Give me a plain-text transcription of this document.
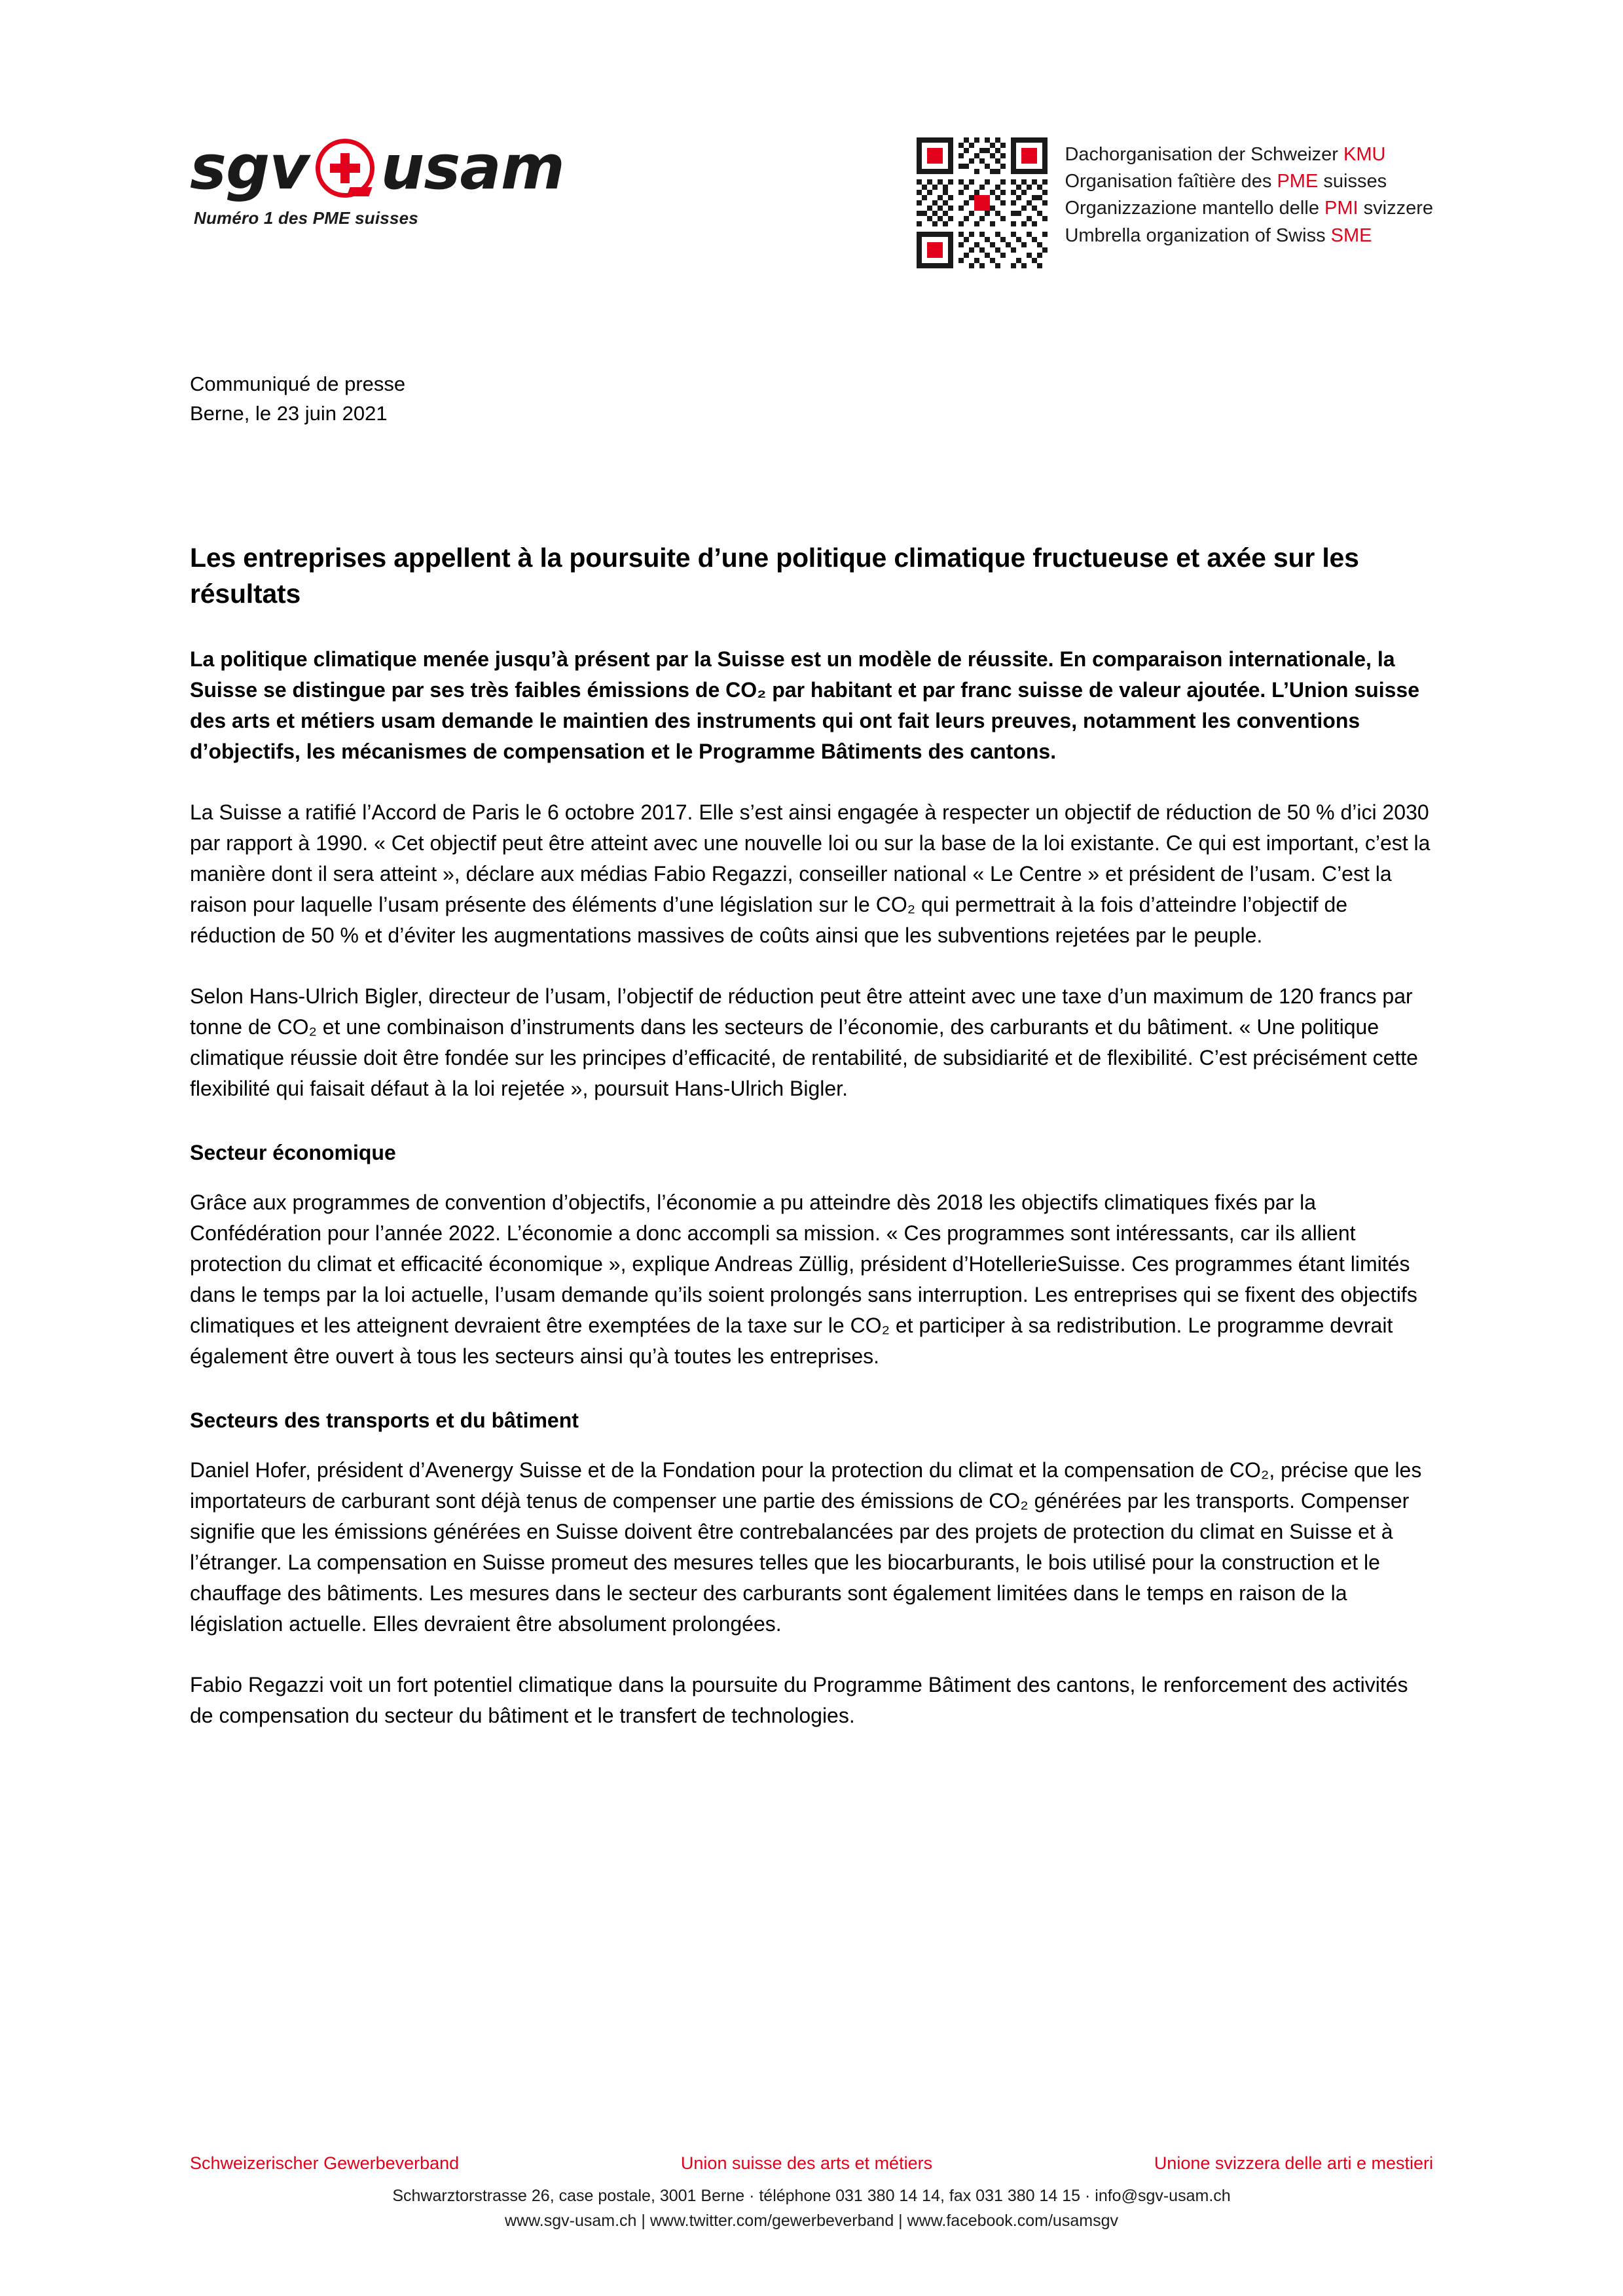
sgv usam
Numéro 1 des PME suisses
Dachorganisation der Schweizer KMU
Organisation faîtière des PME suisses
Organizzazione mantello delle PMI svizzere
Umbrella organization of Swiss SME
Communiqué de presse
Berne, le 23 juin 2021
Les entreprises appellent à la poursuite d’une politique climatique fructueuse et axée sur les résultats

La politique climatique menée jusqu’à présent par la Suisse est un modèle de réussite. En comparaison internationale, la Suisse se distingue par ses très faibles émissions de CO₂ par habitant et par franc suisse de valeur ajoutée. L’Union suisse des arts et métiers usam demande le maintien des instruments qui ont fait leurs preuves, notamment les conventions d’objectifs, les mécanismes de compensation et le Programme Bâtiments des cantons.

La Suisse a ratifié l’Accord de Paris le 6 octobre 2017. Elle s’est ainsi engagée à respecter un objectif de réduction de 50 % d’ici 2030 par rapport à 1990. « Cet objectif peut être atteint avec une nouvelle loi ou sur la base de la loi existante. Ce qui est important, c’est la manière dont il sera atteint », déclare aux médias Fabio Regazzi, conseiller national « Le Centre » et président de l’usam. C’est la raison pour laquelle l’usam présente des éléments d’une législation sur le CO₂ qui permettrait à la fois d’atteindre l’objectif de réduction de 50 % et d’éviter les augmentations massives de coûts ainsi que les subventions rejetées par le peuple.

Selon Hans-Ulrich Bigler, directeur de l’usam, l’objectif de réduction peut être atteint avec une taxe d’un maximum de 120 francs par tonne de CO₂ et une combinaison d’instruments dans les secteurs de l’économie, des carburants et du bâtiment. « Une politique climatique réussie doit être fondée sur les principes d’efficacité, de rentabilité, de subsidiarité et de flexibilité. C’est précisément cette flexibilité qui faisait défaut à la loi rejetée », poursuit Hans-Ulrich Bigler.

Secteur économique

Grâce aux programmes de convention d’objectifs, l’économie a pu atteindre dès 2018 les objectifs climatiques fixés par la Confédération pour l’année 2022. L’économie a donc accompli sa mission. « Ces programmes sont intéressants, car ils allient protection du climat et efficacité économique », explique Andreas Züllig, président d’HotellerieSuisse. Ces programmes étant limités dans le temps par la loi actuelle, l’usam demande qu’ils soient prolongés sans interruption. Les entreprises qui se fixent des objectifs climatiques et les atteignent devraient être exemptées de la taxe sur le CO₂ et participer à sa redistribution. Le programme devrait également être ouvert à tous les secteurs ainsi qu’à toutes les entreprises.

Secteurs des transports et du bâtiment

Daniel Hofer, président d’Avenergy Suisse et de la Fondation pour la protection du climat et la compensation de CO₂, précise que les importateurs de carburant sont déjà tenus de compenser une partie des émissions de CO₂ générées par les transports. Compenser signifie que les émissions générées en Suisse doivent être contrebalancées par des projets de protection du climat en Suisse et à l’étranger. La compensation en Suisse promeut des mesures telles que les biocarburants, le bois utilisé pour la construction et le chauffage des bâtiments. Les mesures dans le secteur des carburants sont également limitées dans le temps en raison de la législation actuelle. Elles devraient être absolument prolongées.

Fabio Regazzi voit un fort potentiel climatique dans la poursuite du Programme Bâtiment des cantons, le renforcement des activités de compensation du secteur du bâtiment et le transfert de technologies.

Schweizerischer Gewerbeverband	Union suisse des arts et métiers	Unione svizzera delle arti e mestieri
Schwarztorstrasse 26, case postale, 3001 Berne · téléphone 031 380 14 14, fax 031 380 14 15 · info@sgv-usam.ch
www.sgv-usam.ch | www.twitter.com/gewerbeverband | www.facebook.com/usamsgv
